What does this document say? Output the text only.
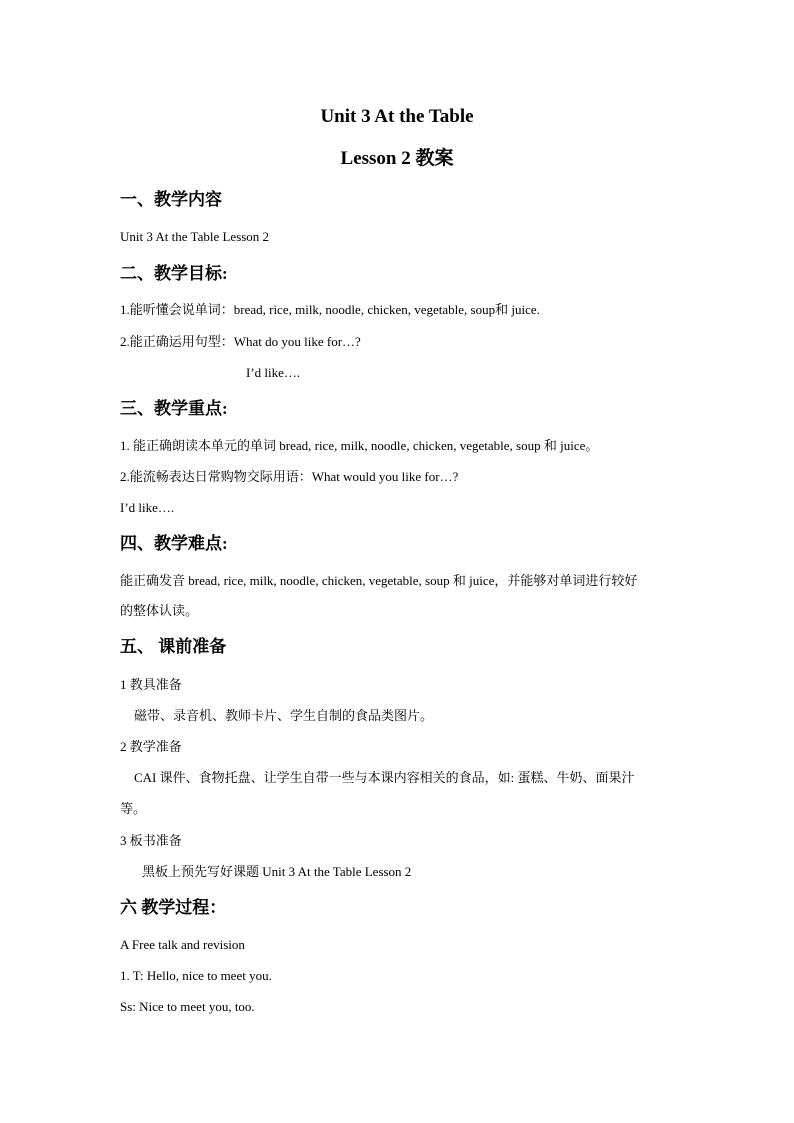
Unit 3 At the Table
Lesson 2 教案
一、教学内容
Unit 3 At the Table Lesson 2
二、教学目标:
1.能听懂会说单词：bread, rice, milk, noodle, chicken, vegetable, soup和 juice.
2.能正确运用句型：What do you like for…?
I’d like….
三、教学重点:
1. 能正确朗读本单元的单词 bread, rice, milk, noodle, chicken, vegetable, soup 和 juice。
2.能流畅表达日常购物交际用语：What would you like for…?
I’d like….
四、教学难点:
能正确发音 bread, rice, milk, noodle, chicken, vegetable, soup 和 juice，并能够对单词进行较好
的整体认读。
五、 课前准备
1 教具准备
磁带、录音机、教师卡片、学生自制的食品类图片。
2 教学准备
CAI 课件、食物托盘、让学生自带一些与本课内容相关的食品，如: 蛋糕、牛奶、面果汁
等。
3 板书准备
黑板上预先写好课题 Unit 3 At the Table Lesson 2
六 教学过程：
A Free talk and revision
1. T: Hello, nice to meet you.
Ss: Nice to meet you, too.
